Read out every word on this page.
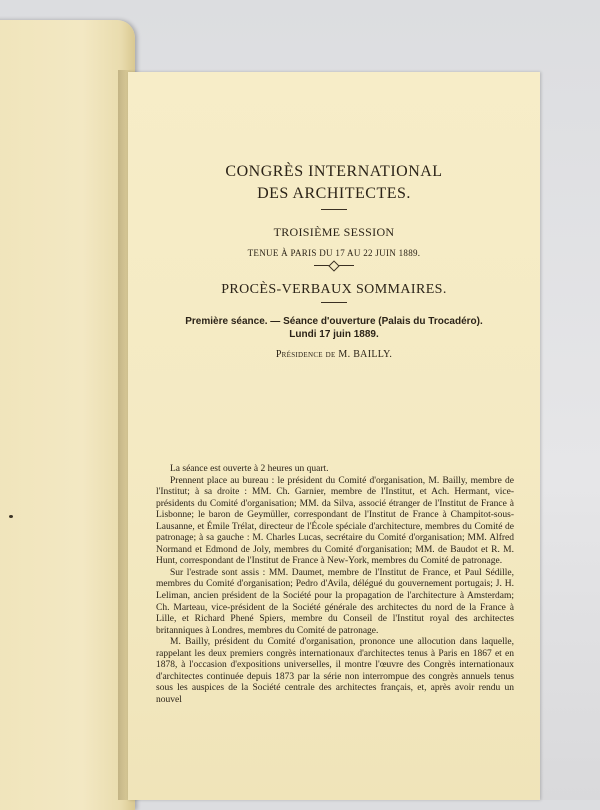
CONGRÈS INTERNATIONAL
DES ARCHITECTES.
TROISIÈME SESSION
TENUE À PARIS DU 17 AU 22 JUIN 1889.
PROCÈS-VERBAUX SOMMAIRES.
Première séance. — Séance d'ouverture (Palais du Trocadéro).
Lundi 17 juin 1889.
Présidence de M. BAILLY.

La séance est ouverte à 2 heures un quart.

Prennent place au bureau : le président du Comité d'organisation, M. Bailly, membre de l'Institut; à sa droite : MM. Ch. Garnier, membre de l'Institut, et Ach. Hermant, vice-présidents du Comité d'organisation; MM. da Silva, associé étranger de l'Institut de France à Lisbonne; le baron de Geymüller, correspondant de l'Institut de France à Champitot-sous-Lausanne, et Émile Trélat, directeur de l'École spéciale d'architecture, membres du Comité de patronage; à sa gauche : M. Charles Lucas, secrétaire du Comité d'organisation; MM. Alfred Normand et Edmond de Joly, membres du Comité d'organisation; MM. de Baudot et R. M. Hunt, correspondant de l'Institut de France à New-York, membres du Comité de patronage.

Sur l'estrade sont assis : MM. Daumet, membre de l'Institut de France, et Paul Sédille, membres du Comité d'organisation; Pedro d'Avila, délégué du gouvernement portugais; J. H. Leliman, ancien président de la Société pour la propagation de l'architecture à Amsterdam; Ch. Marteau, vice-président de la Société générale des architectes du nord de la France à Lille, et Richard Phené Spiers, membre du Conseil de l'Institut royal des architectes britanniques à Londres, membres du Comité de patronage.

M. Bailly, président du Comité d'organisation, prononce une allocution dans laquelle, rappelant les deux premiers congrès internationaux d'architectes tenus à Paris en 1867 et en 1878, à l'occasion d'expositions universelles, il montre l'œuvre des Congrès internationaux d'architectes continuée depuis 1873 par la série non interrompue des congrès annuels tenus sous les auspices de la Société centrale des architectes français, et, après avoir rendu un nouvel
